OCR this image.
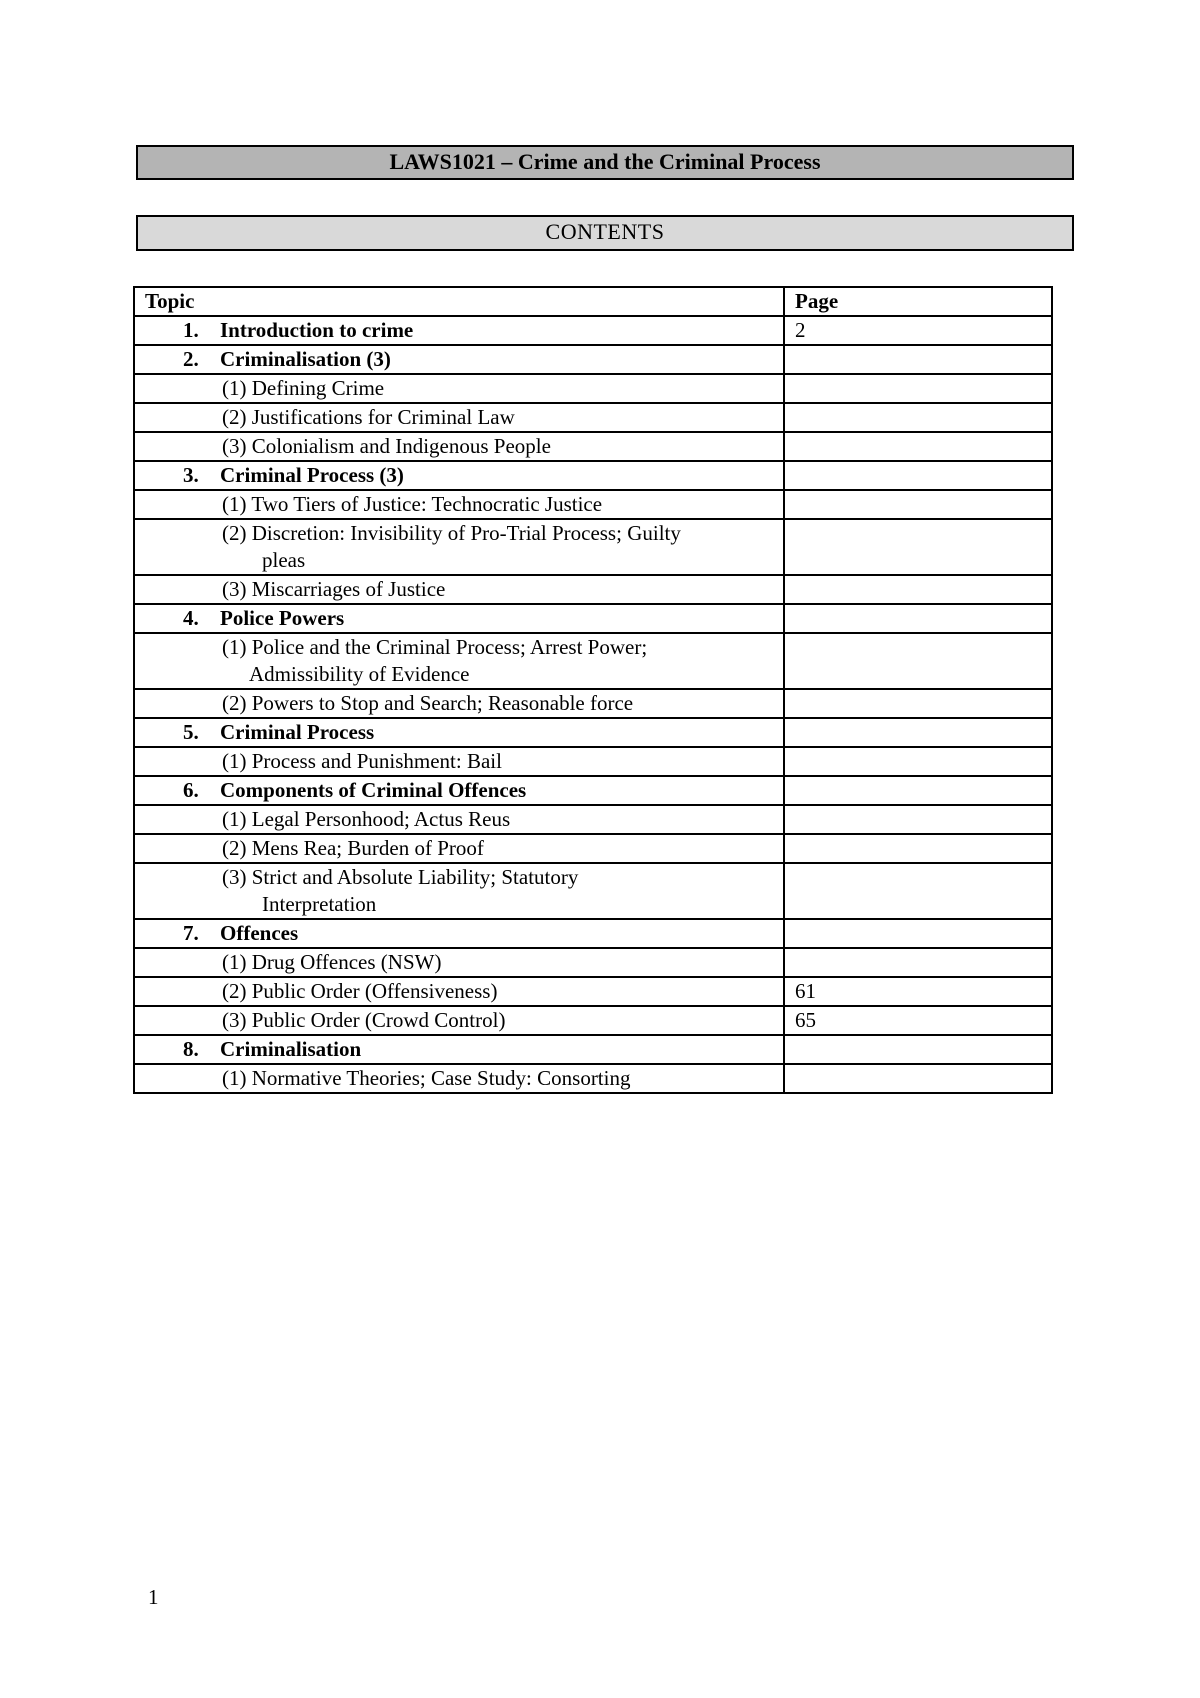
LAWS1021 – Crime and the Criminal Process
CONTENTS
Topic	Page
1. Introduction to crime	2
2. Criminalisation (3)	
(1) Defining Crime	
(2) Justifications for Criminal Law	
(3) Colonialism and Indigenous People	
3. Criminal Process (3)	
(1) Two Tiers of Justice: Technocratic Justice	
(2) Discretion: Invisibility of Pro-Trial Process; Guilty
pleas	

(3) Miscarriages of Justice	
4. Police Powers	
(1) Police and the Criminal Process; Arrest Power;
Admissibility of Evidence	

(2) Powers to Stop and Search; Reasonable force	
5. Criminal Process	
(1) Process and Punishment: Bail	
6. Components of Criminal Offences	
(1) Legal Personhood; Actus Reus	
(2) Mens Rea; Burden of Proof	
(3) Strict and Absolute Liability; Statutory
Interpretation	

7. Offences	
(1) Drug Offences (NSW)	
(2) Public Order (Offensiveness)	61
(3) Public Order (Crowd Control)	65
8. Criminalisation	
(1) Normative Theories; Case Study: Consorting	
1
